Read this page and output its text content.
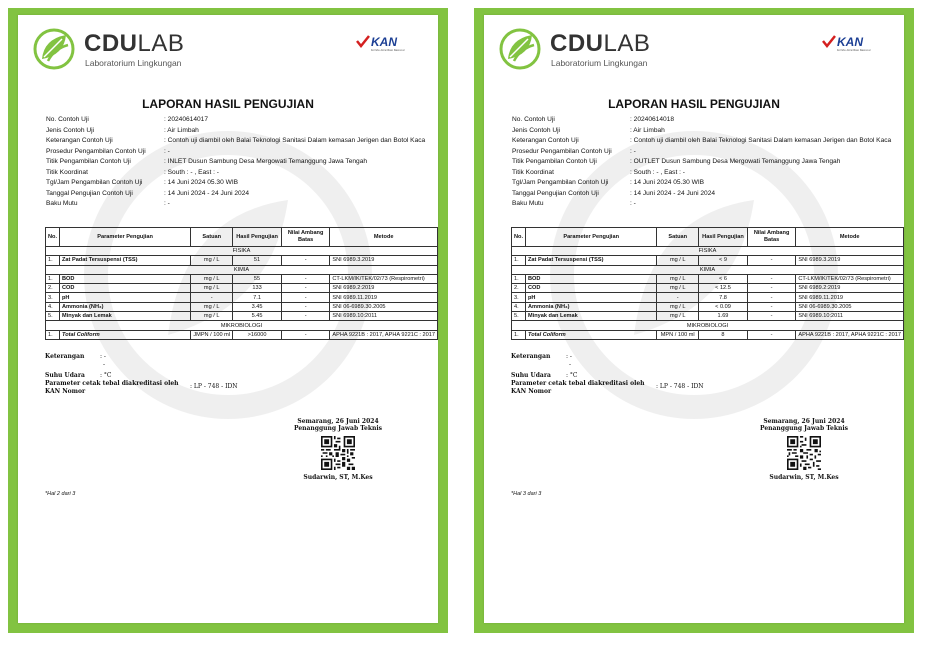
CDULAB
Laboratorium Lingkungan
KAN
Komite Akreditasi Nasional
LAPORAN HASIL PENGUJIAN
No. Contoh Uji	: 20240614017
Jenis Contoh Uji	: Air Limbah
Keterangan Contoh Uji	: Contoh uji diambil oleh Balai Teknologi Sanitasi Dalam kemasan Jerigen dan Botol Kaca
Prosedur Pengambilan Contoh Uji	: -
Titik Pengambilan Contoh Uji	: INLET Dusun Sambung Desa Mergowati Temanggung Jawa Tengah
Titik Koordinat	: South : - , East : -
Tgl/Jam Pengambilan Contoh Uji	: 14 Juni 2024 05.30 WIB
Tanggal Pengujian Contoh Uji	: 14 Juni 2024 - 24 Juni 2024
Baku Mutu	: -
No.	Parameter Pengujian	Satuan	Hasil Pengujian	Nilai Ambang Batas	Metode
FISIKA					
1.	Zat Padat Tersuspensi (TSS)	mg / L	51	-	SNI 6989.3.2019
KIMIA					
1.	BOD	mg / L	55	-	CT-LKM/IK/TEK/02/73 (Respirometri)
2.	COD	mg / L	133	-	SNI 6989.2:2019
3.	pH	-	7.1	-	SNI 6989.11.2019
4.	Ammonia (NH₃)	mg / L	3.45	-	SNI 06-6989.30.2005
5.	Minyak dan Lemak	mg / L	5.45	-	SNI 6989.10:2011
MIKROBIOLOGI					
1.	Total Coliform	JMPN / 100 ml	>16000	-	APHA 9221B : 2017, APHA 9221C : 2017
Keterangan	: -
-
Suhu Udara	: °C
Parameter cetak tebal diakreditasi oleh : LP - 748 - IDN
KAN Nomor
Semarang, 26 Juni 2024
Penanggung Jawab Teknis
Sudarwin, ST, M.Kes
*Hal 2 dari 3
CDULAB
Laboratorium Lingkungan
KAN
Komite Akreditasi Nasional
LAPORAN HASIL PENGUJIAN
No. Contoh Uji	: 20240614018
Jenis Contoh Uji	: Air Limbah
Keterangan Contoh Uji	: Contoh uji diambil oleh Balai Teknologi Sanitasi Dalam kemasan Jerigen dan Botol Kaca
Prosedur Pengambilan Contoh Uji	: -
Titik Pengambilan Contoh Uji	: OUTLET Dusun Sambung Desa Mergowati Temanggung Jawa Tengah
Titik Koordinat	: South : - , East : -
Tgl/Jam Pengambilan Contoh Uji	: 14 Juni 2024 05.30 WIB
Tanggal Pengujian Contoh Uji	: 14 Juni 2024 - 24 Juni 2024
Baku Mutu	: -
No.	Parameter Pengujian	Satuan	Hasil Pengujian	Nilai Ambang Batas	Metode
FISIKA					
1.	Zat Padat Tersuspensi (TSS)	mg / L	< 9	-	SNI 6989.3.2019
KIMIA					
1.	BOD	mg / L	< 6	-	CT-LKM/IK/TEK/02/73 (Respirometri)
2.	COD	mg / L	< 12.5	-	SNI 6989.2:2019
3.	pH	-	7.8	-	SNI 6989.11.2019
4.	Ammonia (NH₃)	mg / L	< 0.09	-	SNI 06-6989.30.2005
5.	Minyak dan Lemak	mg / L	1.69	-	SNI 6989.10:2011
MIKROBIOLOGI					
1.	Total Coliform	MPN / 100 ml	8	-	APHA 9221B : 2017, APHA 9221C : 2017
Keterangan	: -
-
Suhu Udara	: °C
Parameter cetak tebal diakreditasi oleh : LP - 748 - IDN
KAN Nomor
Semarang, 26 Juni 2024
Penanggung Jawab Teknis
Sudarwin, ST, M.Kes
*Hal 3 dari 3
